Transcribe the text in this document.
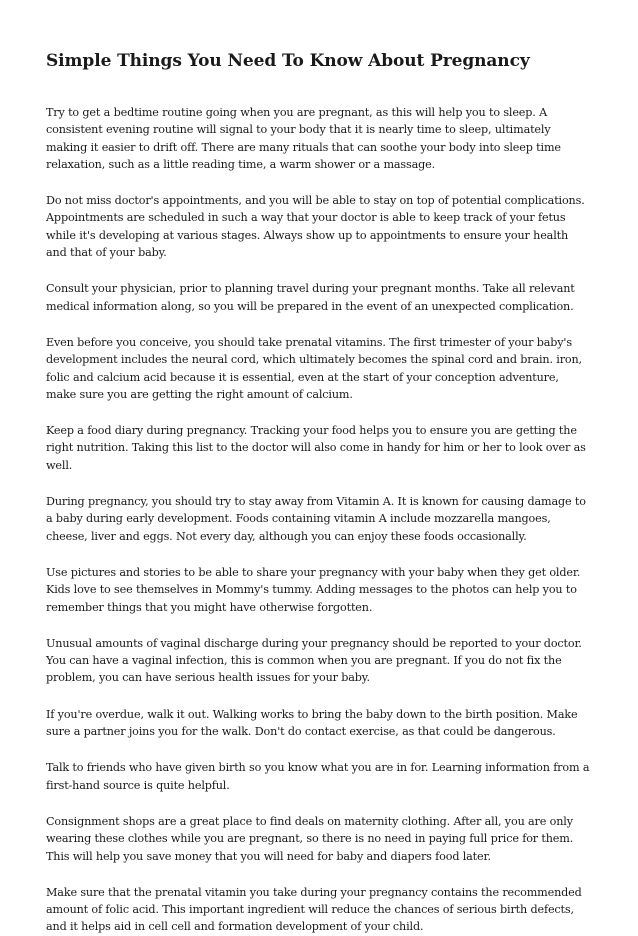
Simple Things You Need To Know About Pregnancy

Try to get a bedtime routine going when you are pregnant, as this will help you to sleep. A consistent evening routine will signal to your body that it is nearly time to sleep, ultimately making it easier to drift off. There are many rituals that can soothe your body into sleep time relaxation, such as a little reading time, a warm shower or a massage.

Do not miss doctor's appointments, and you will be able to stay on top of potential complications. Appointments are scheduled in such a way that your doctor is able to keep track of your fetus while it's developing at various stages. Always show up to appointments to ensure your health and that of your baby.

Consult your physician, prior to planning travel during your pregnant months. Take all relevant medical information along, so you will be prepared in the event of an unexpected complication.

Even before you conceive, you should take prenatal vitamins. The first trimester of your baby's development includes the neural cord, which ultimately becomes the spinal cord and brain. iron, folic and calcium acid because it is essential, even at the start of your conception adventure, make sure you are getting the right amount of calcium.

Keep a food diary during pregnancy. Tracking your food helps you to ensure you are getting the right nutrition. Taking this list to the doctor will also come in handy for him or her to look over as well.

During pregnancy, you should try to stay away from Vitamin A. It is known for causing damage to a baby during early development. Foods containing vitamin A include mozzarella mangoes, cheese, liver and eggs. Not every day, although you can enjoy these foods occasionally.

Use pictures and stories to be able to share your pregnancy with your baby when they get older. Kids love to see themselves in Mommy's tummy. Adding messages to the photos can help you to remember things that you might have otherwise forgotten.

Unusual amounts of vaginal discharge during your pregnancy should be reported to your doctor. You can have a vaginal infection, this is common when you are pregnant. If you do not fix the problem, you can have serious health issues for your baby.

If you're overdue, walk it out. Walking works to bring the baby down to the birth position. Make sure a partner joins you for the walk. Don't do contact exercise, as that could be dangerous.

Talk to friends who have given birth so you know what you are in for. Learning information from a first-hand source is quite helpful.

Consignment shops are a great place to find deals on maternity clothing. After all, you are only wearing these clothes while you are pregnant, so there is no need in paying full price for them. This will help you save money that you will need for baby and diapers food later.

Make sure that the prenatal vitamin you take during your pregnancy contains the recommended amount of folic acid. This important ingredient will reduce the chances of serious birth defects, and it helps aid in cell cell and formation development of your child.
